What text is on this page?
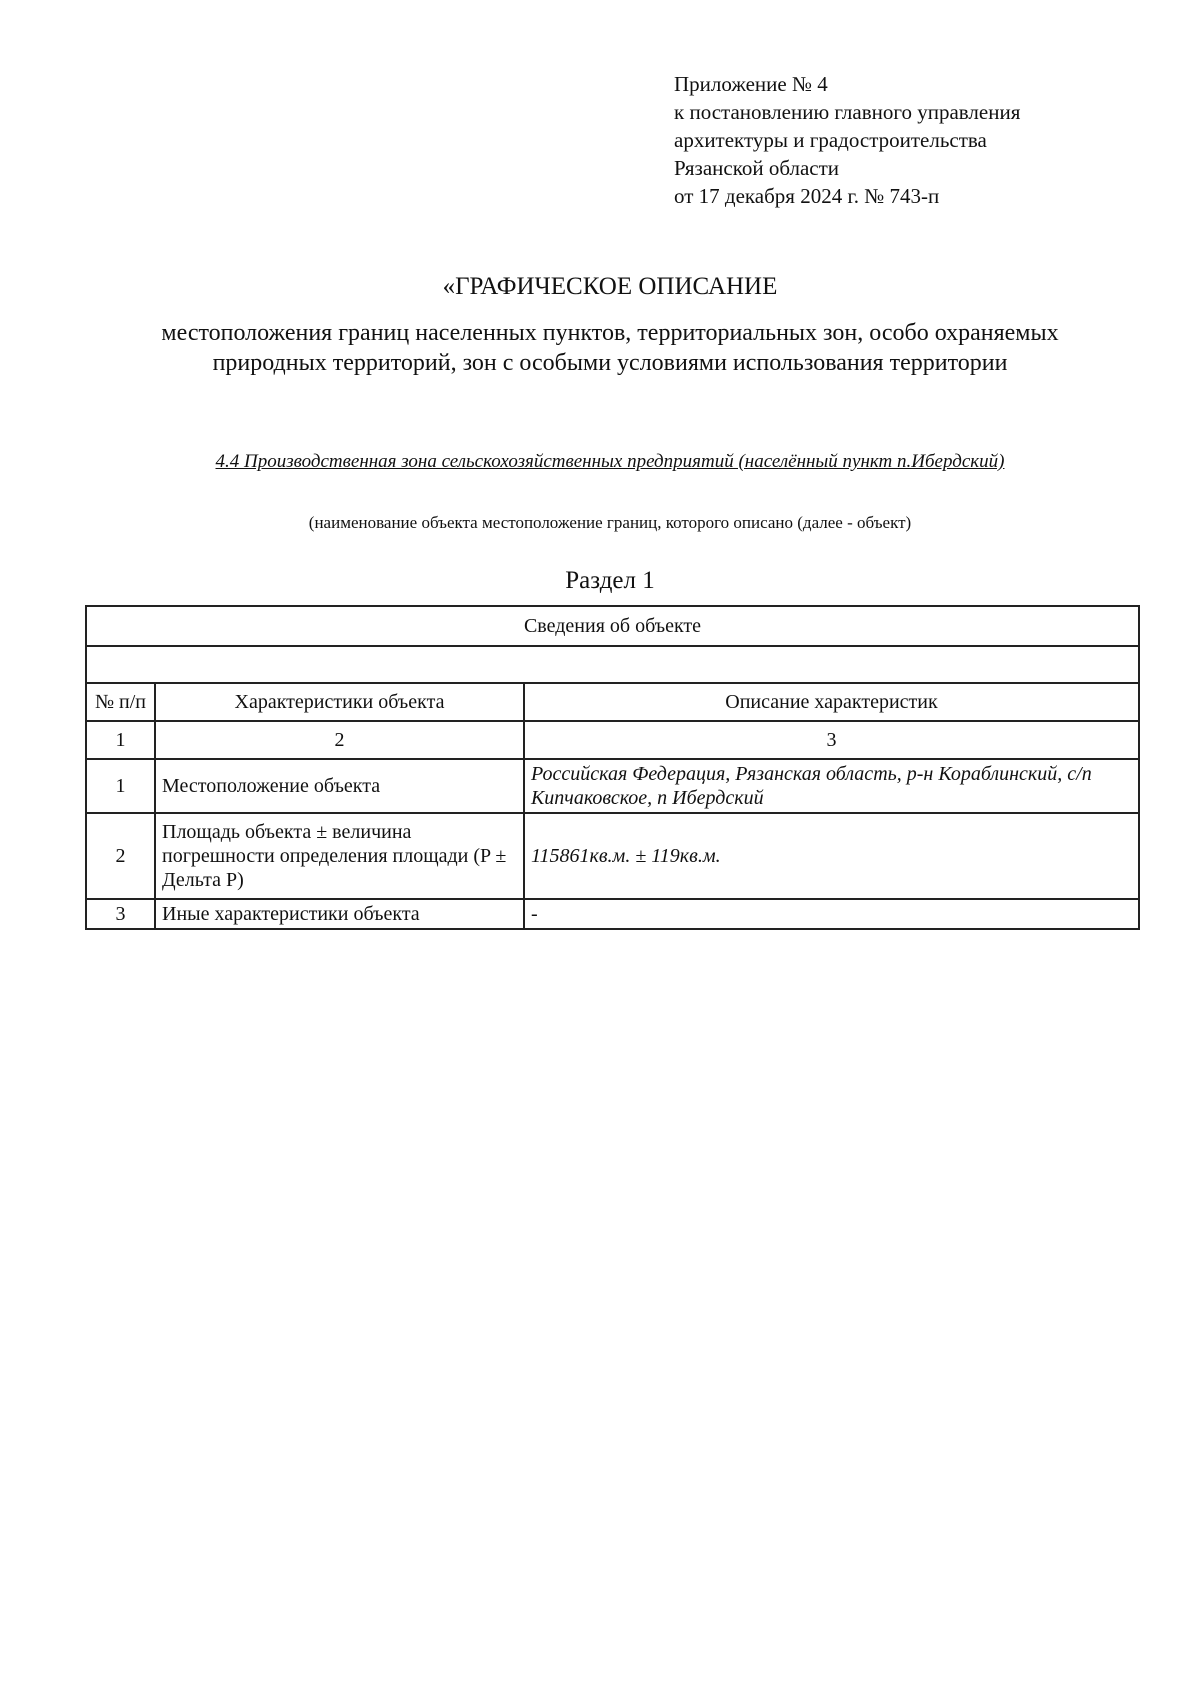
Приложение № 4
к постановлению главного управления
архитектуры и градостроительства
Рязанской области
от 17 декабря 2024 г. № 743-п
«ГРАФИЧЕСКОЕ ОПИСАНИЕ
местоположения границ населенных пунктов, территориальных зон, особо охраняемых природных территорий, зон с особыми условиями использования территории
4.4 Производственная зона сельскохозяйственных предприятий (населённый пункт п.Ибердский)
(наименование объекта местоположение границ, которого описано (далее - объект)
Раздел 1
Сведения об объекте		

№ п/п	Характеристики объекта	Описание характеристик
1	2	3
1	Местоположение объекта	Российская Федерация, Рязанская область, р-н Кораблинский, с/п Кипчаковское, п Ибердский
2	Площадь объекта ± величина погрешности определения площади (P ± Дельта P)	115861кв.м. ± 119кв.м.
3	Иные характеристики объекта	-
